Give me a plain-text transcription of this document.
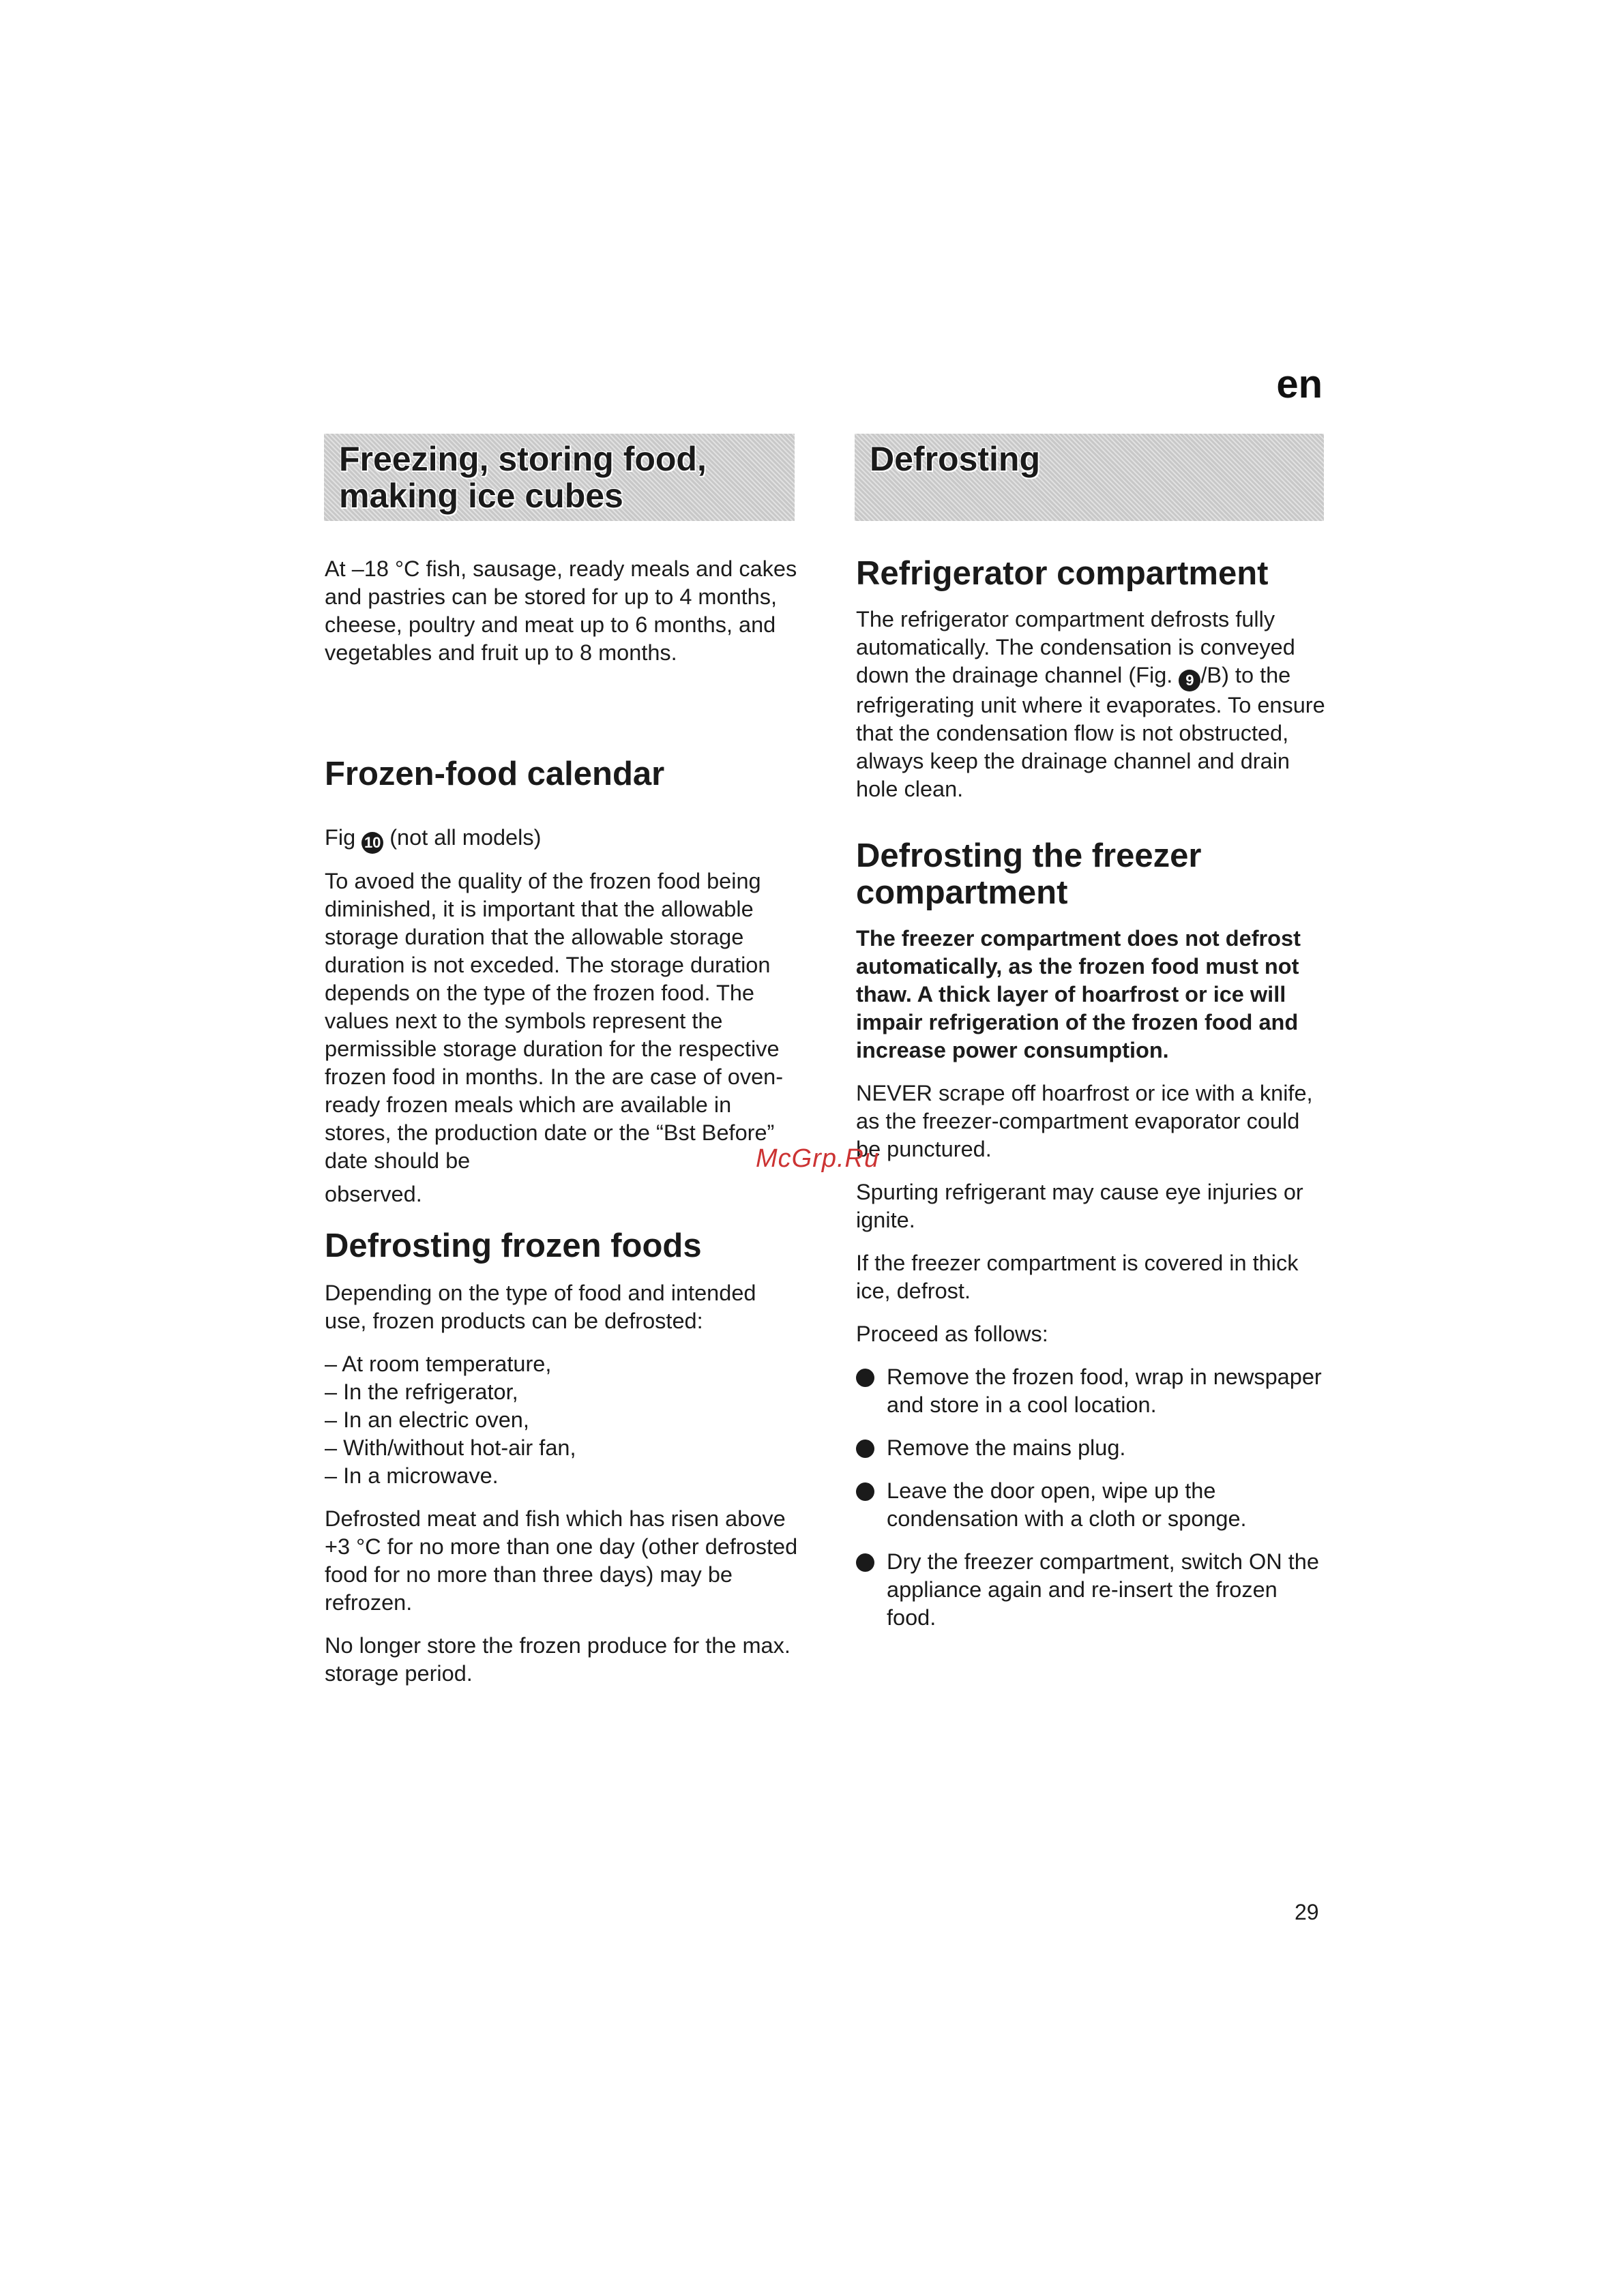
en
Freezing, storing food,
making ice cubes
Defrosting

At –18 °C fish, sausage, ready meals and cakes and pastries can be stored for up to 4 months, cheese, poultry and meat up to 6 months, and vegetables and fruit up to 8 months.

Frozen-food calendar

Fig 10 (not all models)

To avoed the quality of the frozen food being diminished, it is important that the allowable storage duration that the allowable storage duration is not exceded. The storage duration depends on the type of the frozen food. The values next to the symbols represent the permissible storage duration for the respective frozen food in months. In the are case of oven-ready frozen meals which are available in stores, the production date or the “Bst Before” date should be

observed.

Defrosting frozen foods

Depending on the type of food and intended use, frozen products can be defrosted:

– At room temperature,
– In the refrigerator,
– In an electric oven,
– With/without hot-air fan,
– In a microwave.

Defrosted meat and fish which has risen above +3 °C for no more than one day (other defrosted food for no more than three days) may be refrozen.

No longer store the frozen produce for the max. storage period.

Refrigerator compartment

The refrigerator compartment defrosts fully automatically. The condensation is conveyed down the drainage channel (Fig. 9 /B) to the refrigerating unit where it evaporates. To ensure that the condensation flow is not obstructed, always keep the drainage channel and drain hole clean.

Defrosting the freezer compartment

The freezer compartment does not defrost automatically, as the frozen food must not thaw. A thick layer of hoarfrost or ice will impair refrigeration of the frozen food and increase power consumption.

NEVER scrape off hoarfrost or ice with a knife, as the freezer-compartment evaporator could be punctured.

Spurting refrigerant may cause eye injuries or ignite.

If the freezer compartment is covered in thick ice, defrost.

Proceed as follows:

Remove the frozen food, wrap in newspaper and store in a cool location.
Remove the mains plug.
Leave the door open, wipe up the condensation with a cloth or sponge.
Dry the freezer compartment, switch ON the appliance again and re-insert the frozen food.
McGrp.Ru
29
